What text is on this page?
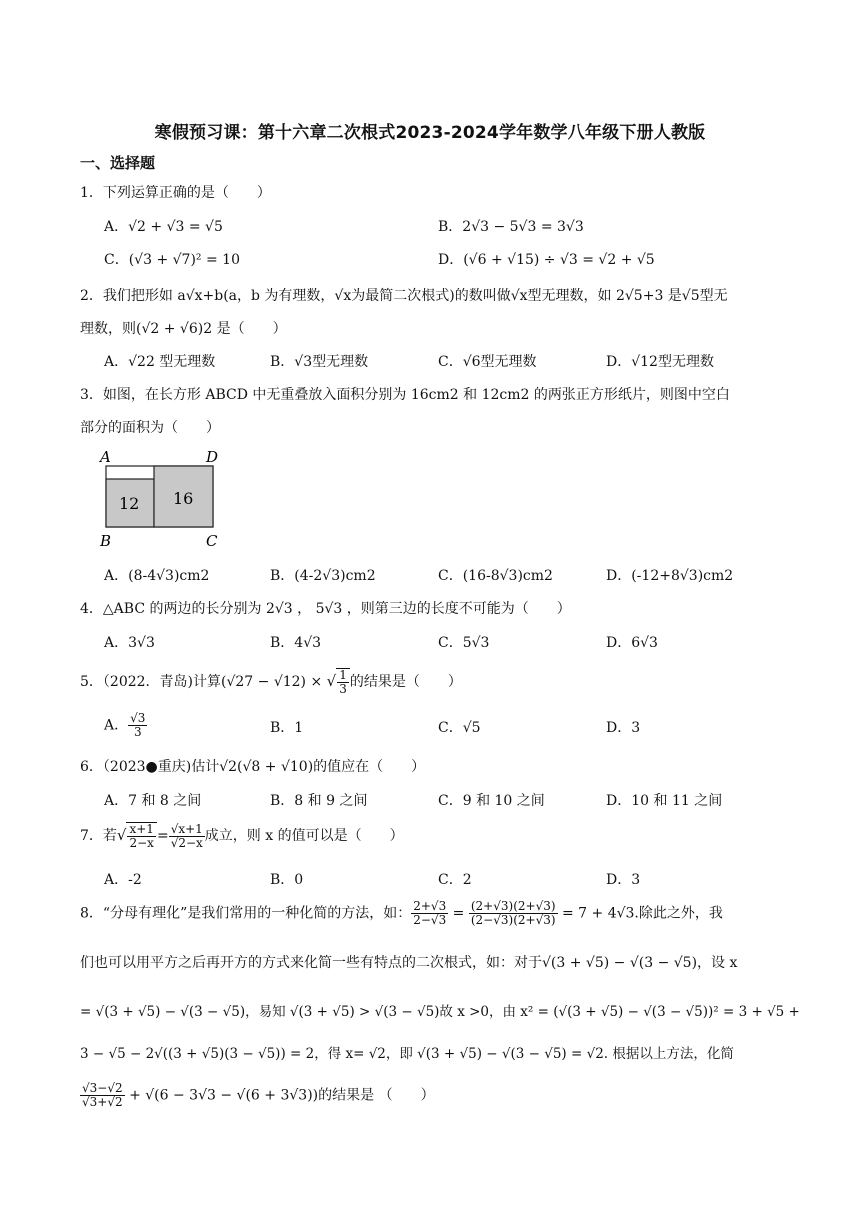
寒假预习课：第十六章二次根式2023-2024学年数学八年级下册人教版
一、选择题
1．下列运算正确的是（　　）
A．√2 + √3 = √5	B．2√3 − 5√3 = 3√3
C．(√3 + √7)² = 10	D．(√6 + √15) ÷ √3 = √2 + √5
2．我们把形如 a√x+b(a，b 为有理数，√x为最简二次根式)的数叫做√x型无理数，如 2√5+3 是√5型无
理数，则(√2 + √6)2 是（　　）
A．√22 型无理数	B．√3型无理数	C．√6型无理数	D．√12型无理数
3．如图，在长方形 ABCD 中无重叠放入面积分别为 16cm2 和 12cm2 的两张正方形纸片，则图中空白
部分的面积为（　　）
A	D
B	C
12 16
A．(8-4√3)cm2	B．(4-2√3)cm2	C．(16-8√3)cm2	D．(-12+8√3)cm2
4．△ABC 的两边的长分别为 2√3 ， 5√3 ，则第三边的长度不可能为（　　）
A．3√3	B．4√3	C．5√3	D．6√3
5．（2022．青岛)计算(√27 − √12) × √ $\frac{1}{3}$ 的结果是（　　）
A． $\frac{√3}{3}$	B．1	C．√5	D．3
6．（2023●重庆)估计√2(√8 + √10)的值应在（　　）
A．7 和 8 之间	B．8 和 9 之间	C．9 和 10 之间	D．10 和 11 之间
7．若√ $\frac{x+1}{2-x} = \frac{√x+1}{√2-x}$ 成立，则 x 的值可以是（　　）
A．-2	B．0	C．2	D．3
8．“分母有理化”是我们常用的一种化简的方法，如： $\frac{2+√3}{2-√3} = \frac{(2+√3)(2+√3)}{(2-√3)(2+√3)} = 7 + 4√3$.除此之外，我
们也可以用平方之后再开方的方式来化简一些有特点的二次根式，如：对于√(3 + √5) − √(3 − √5)，设 x
= √(3 + √5) − √(3 − √5)，易知 √(3 + √5) > √(3 − √5)故 x >0，由 x² = (√(3 + √5) − √(3 − √5))² = 3 + √5 +
3 − √5 − 2√((3 + √5)(3 − √5)) = 2，得 x= √2，即 √(3 + √5) − √(3 − √5) = √2. 根据以上方法，化简
$\frac{√3-√2}{√3+√2} + √(6 - 3√3 - √(6 + 3√3))$的结果是 （　　）
